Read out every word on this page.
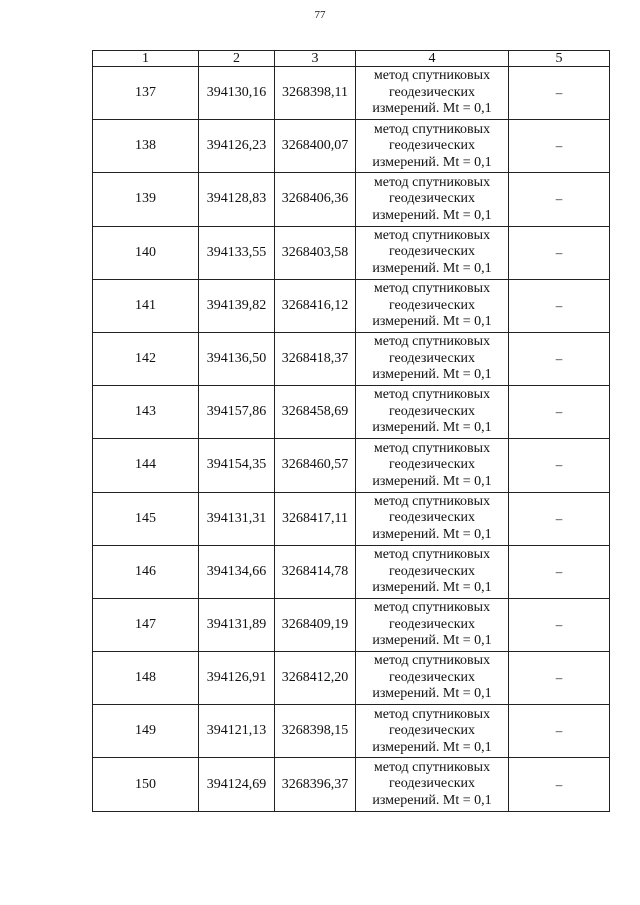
77
1	2	3	4	5
137	394130,16	3268398,11	метод спутниковых
геодезических
измерений. Mt = 0,1	–
138	394126,23	3268400,07	метод спутниковых
геодезических
измерений. Mt = 0,1	–
139	394128,83	3268406,36	метод спутниковых
геодезических
измерений. Mt = 0,1	–
140	394133,55	3268403,58	метод спутниковых
геодезических
измерений. Mt = 0,1	–
141	394139,82	3268416,12	метод спутниковых
геодезических
измерений. Mt = 0,1	–
142	394136,50	3268418,37	метод спутниковых
геодезических
измерений. Mt = 0,1	–
143	394157,86	3268458,69	метод спутниковых
геодезических
измерений. Mt = 0,1	–
144	394154,35	3268460,57	метод спутниковых
геодезических
измерений. Mt = 0,1	–
145	394131,31	3268417,11	метод спутниковых
геодезических
измерений. Mt = 0,1	–
146	394134,66	3268414,78	метод спутниковых
геодезических
измерений. Mt = 0,1	–
147	394131,89	3268409,19	метод спутниковых
геодезических
измерений. Mt = 0,1	–
148	394126,91	3268412,20	метод спутниковых
геодезических
измерений. Mt = 0,1	–
149	394121,13	3268398,15	метод спутниковых
геодезических
измерений. Mt = 0,1	–
150	394124,69	3268396,37	метод спутниковых
геодезических
измерений. Mt = 0,1	–
